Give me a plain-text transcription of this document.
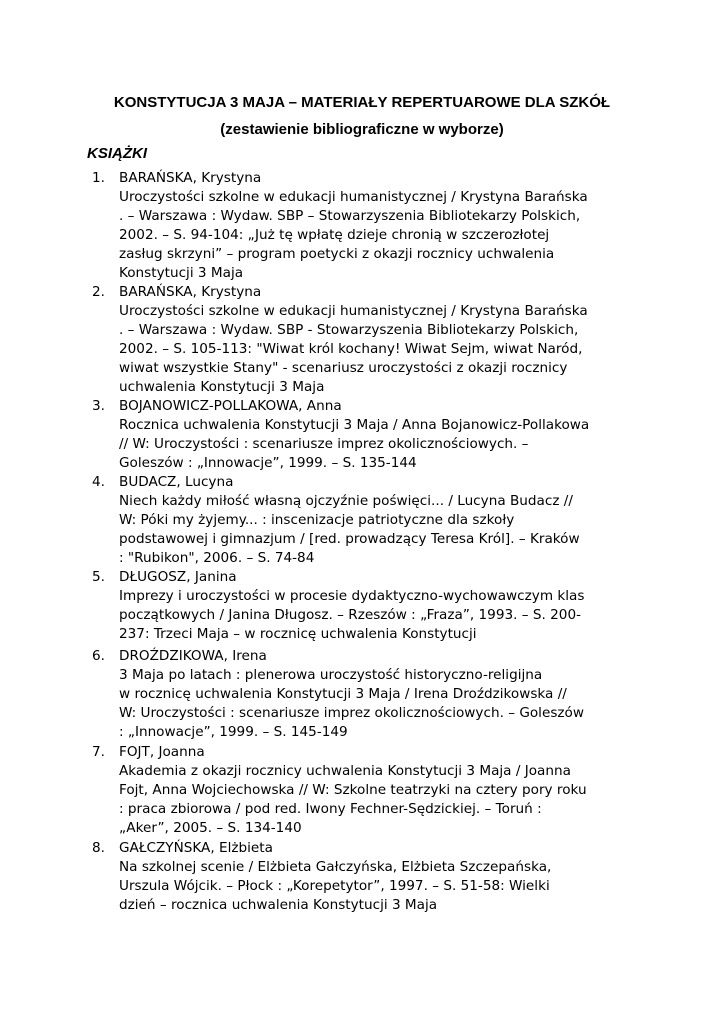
KONSTYTUCJA 3 MAJA – MATERIAŁY REPERTUAROWE DLA SZKÓŁ
(zestawienie bibliograficzne w wyborze)
KSIĄŻKI
1.	BARAŃSKA, Krystyna
Uroczystości szkolne w edukacji humanistycznej / Krystyna Barańska
. – Warszawa : Wydaw. SBP – Stowarzyszenia Bibliotekarzy Polskich,
2002. – S. 94-104: „Już tę wpłatę dzieje chronią w szczerozłotej
zasług skrzyni” – program poetycki z okazji rocznicy uchwalenia
Konstytucji 3 Maja
2.	BARAŃSKA, Krystyna
Uroczystości szkolne w edukacji humanistycznej / Krystyna Barańska
. – Warszawa : Wydaw. SBP - Stowarzyszenia Bibliotekarzy Polskich,
2002. – S. 105-113: "Wiwat król kochany! Wiwat Sejm, wiwat Naród,
wiwat wszystkie Stany" - scenariusz uroczystości z okazji rocznicy
uchwalenia Konstytucji 3 Maja
3.	BOJANOWICZ-POLLAKOWA, Anna
Rocznica uchwalenia Konstytucji 3 Maja / Anna Bojanowicz-Pollakowa
// W: Uroczystości : scenariusze imprez okolicznościowych. –
Goleszów : „Innowacje”, 1999. – S. 135-144
4.	BUDACZ, Lucyna
Niech każdy miłość własną ojczyźnie poświęci... / Lucyna Budacz //
W: Póki my żyjemy... : inscenizacje patriotyczne dla szkoły
podstawowej i gimnazjum / [red. prowadzący Teresa Król]. – Kraków
: "Rubikon", 2006. – S. 74-84
5.	DŁUGOSZ, Janina
Imprezy i uroczystości w procesie dydaktyczno-wychowawczym klas
początkowych / Janina Długosz. – Rzeszów : „Fraza”, 1993. – S. 200-
237: Trzeci Maja – w rocznicę uchwalenia Konstytucji
6.	DROŹDZIKOWA, Irena
3 Maja po latach : plenerowa uroczystość historyczno-religijna
w rocznicę uchwalenia Konstytucji 3 Maja / Irena Droździkowska //
W: Uroczystości : scenariusze imprez okolicznościowych. – Goleszów
: „Innowacje”, 1999. – S. 145-149
7.	FOJT, Joanna
Akademia z okazji rocznicy uchwalenia Konstytucji 3 Maja / Joanna
Fojt, Anna Wojciechowska // W: Szkolne teatrzyki na cztery pory roku
: praca zbiorowa / pod red. Iwony Fechner-Sędzickiej. – Toruń :
„Aker”, 2005. – S. 134-140
8.	GAŁCZYŃSKA, Elżbieta
Na szkolnej scenie / Elżbieta Gałczyńska, Elżbieta Szczepańska,
Urszula Wójcik. – Płock : „Korepetytor”, 1997. – S. 51-58: Wielki
dzień – rocznica uchwalenia Konstytucji 3 Maja
